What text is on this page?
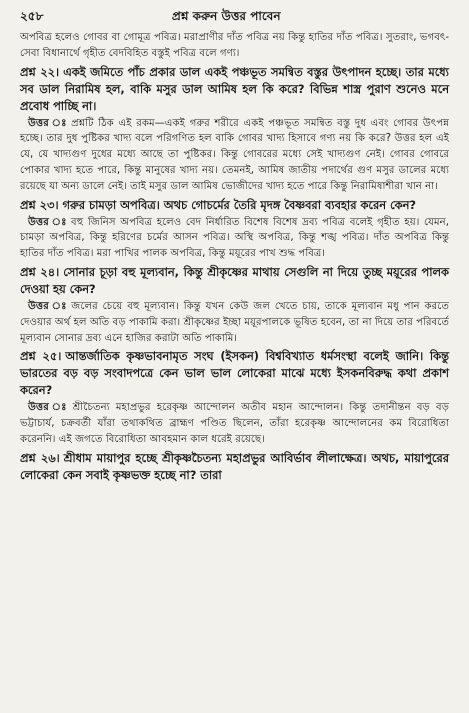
২৫৮	প্রশ্ন করুন উত্তর পাবেন

অপবিত্র হলেও গোবর বা গোমূত্র পবিত্র। মরাপ্রাণীর দাঁত পবিত্র নয় কিন্তু হাতির দাঁত পবিত্র। সুতরাং, ভগবৎ-সেবা বিধানার্থে গৃহীত বেদবিহিত বস্তুই পবিত্র বলে গণ্য।

প্রশ্ন ২২। একই জমিতে পাঁচ প্রকার ডাল একই পঞ্চভূত সমন্বিত বস্তুর উৎপাদন হচ্ছে। তার মধ্যে সব ডাল নিরামিষ হল, বাকি মসুর ডাল আমিষ হল কি করে? বিভিন্ন শাস্ত্র পুরাণ শুনেও মনে প্রবোধ পাচ্ছি না।

উত্তর ঃ প্রশ্নটি ঠিক এই রকম—একই গরুর শরীরে একই পঞ্চভূত সমন্বিত বস্তু দুধ এবং গোবর উৎপন্ন হচ্ছে। তার দুধ পুষ্টিকর খাদ্য বলে পরিগণিত হল বাকি গোবর খাদ্য হিসাবে গণ্য নয় কি করে? উত্তর হল এই যে, যে খাদ্যগুণ দুধের মধ্যে আছে তা পুষ্টিকর। কিন্তু গোবরের মধ্যে সেই খাদ্যগুণ নেই। গোবর গোবরে পোকার খাদ্য হতে পারে, কিন্তু মানুষের খাদ্য নয়। তেমনই, আমিষ জাতীয় পদার্থের গুণ মসুর ডালের মধ্যে রয়েছে যা অন্য ডালে নেই। তাই মসুর ডাল আমিষ ভোজীদের খাদ্য হতে পারে কিন্তু নিরামিষাশীরা খান না।

প্রশ্ন ২৩। গরুর চামড়া অপবিত্র। অথচ গোচর্মের তৈরি মৃদঙ্গ বৈষ্ণবরা ব্যবহার করেন কেন?

উত্তর ঃ বহু জিনিস অপবিত্র হলেও বেদ নির্ধারিত বিশেষ বিশেষ দ্রব্য পবিত্র বলেই গৃহীত হয়। যেমন, চামড়া অপবিত্র, কিন্তু হরিণের চর্মের আসন পবিত্র। অস্থি অপবিত্র, কিন্তু শঙ্খ পবিত্র। দাঁত অপবিত্র কিন্তু হাতির দাঁত পবিত্র। মরা পাখির পালক অপবিত্র, কিন্তু ময়ূরের পাখ শুদ্ধ পবিত্র।

প্রশ্ন ২৪। সোনার চূড়া বহু মূল্যবান, কিন্তু শ্রীকৃষ্ণের মাথায় সেগুলি না দিয়ে তুচ্ছ ময়ূরের পালক দেওয়া হয় কেন?

উত্তর ঃ জলের চেয়ে বহু মূল্যবান। কিন্তু যখন কেউ জল খেতে চায়, তাকে মূল্যবান মধু পান করতে দেওয়ার অর্থ হল অতি বড় পাকামি করা। শ্রীকৃষ্ণের ইচ্ছা ময়ূরপালকে ভূষিত হবেন, তা না দিয়ে তার পরিবর্তে মূল্যবান সোনার দ্রব্য এনে হাজির করাটা অতি পাকামি।

প্রশ্ন ২৫। আন্তর্জাতিক কৃষ্ণভাবনামৃত সংঘ (ইসকন) বিশ্ববিখ্যাত ধর্মসংস্থা বলেই জানি। কিন্তু ভারতের বড় বড় সংবাদপত্রে কেন ভাল ভাল লোকেরা মাঝে মধ্যে ইসকনবিরুদ্ধ কথা প্রকাশ করেন?

উত্তর ঃ শ্রীচৈতন্য মহাপ্রভুর হরেকৃষ্ণ আন্দোলন অতীব মহান আন্দোলন। কিন্তু তদানীন্তন বড় বড় ভট্টাচার্য, চক্রবর্তী যাঁরা তথাকথিত ব্রাহ্মণ পণ্ডিত ছিলেন, তাঁরা হরেকৃষ্ণ আন্দোলনের কম বিরোধিতা করেননি। এই জগতে বিরোধিতা আবহমান কাল ধরেই রয়েছে।

প্রশ্ন ২৬। শ্রীধাম মায়াপুর হচ্ছে শ্রীকৃষ্ণচৈতন্য মহাপ্রভুর আবির্ভাব লীলাক্ষেত্র। অথচ, মায়াপুরের লোকেরা কেন সবাই কৃষ্ণভক্ত হচ্ছে না? তারা
